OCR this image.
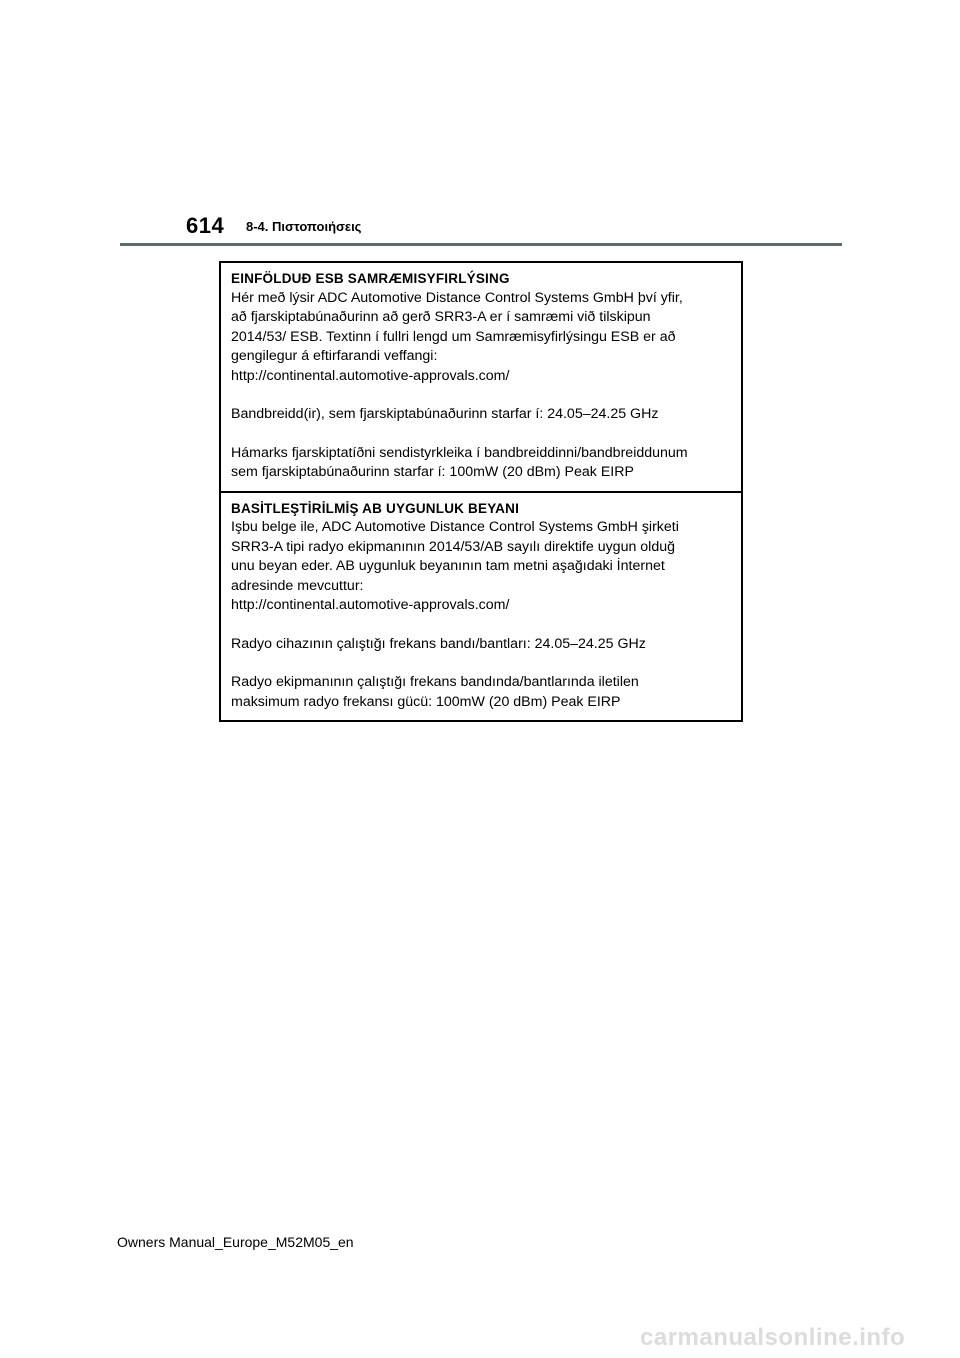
614 8-4. Πιστοποιήσεις
EINFÖLDUÐ ESB SAMRÆMISYFIRLÝSING
Hér með lýsir ADC Automotive Distance Control Systems GmbH því yfir,
að fjarskiptabúnaðurinn að gerð SRR3-A er í samræmi við tilskipun
2014/53/ ESB. Textinn í fullri lengd um Samræmisyfirlýsingu ESB er að
gengilegur á eftirfarandi veffangi:
http://continental.automotive-approvals.com/
Bandbreidd(ir), sem fjarskiptabúnaðurinn starfar í: 24.05–24.25 GHz
Hámarks fjarskiptatíðni sendistyrkleika í bandbreiddinni/bandbreiddunum
sem fjarskiptabúnaðurinn starfar í: 100mW (20 dBm) Peak EIRP
BASİTLEŞTİRİLMİŞ AB UYGUNLUK BEYANI
Işbu belge ile, ADC Automotive Distance Control Systems GmbH şirketi
SRR3-A tipi radyo ekipmanının 2014/53/AB sayılı direktife uygun olduğ
unu beyan eder. AB uygunluk beyanının tam metni aşağıdaki İnternet
adresinde mevcuttur:
http://continental.automotive-approvals.com/
Radyo cihazının çalıştığı frekans bandı/bantları: 24.05–24.25 GHz
Radyo ekipmanının çalıştığı frekans bandında/bantlarında iletilen
maksimum radyo frekansı gücü: 100mW (20 dBm) Peak EIRP
Owners Manual_Europe_M52M05_en
carmanualsonline.info
